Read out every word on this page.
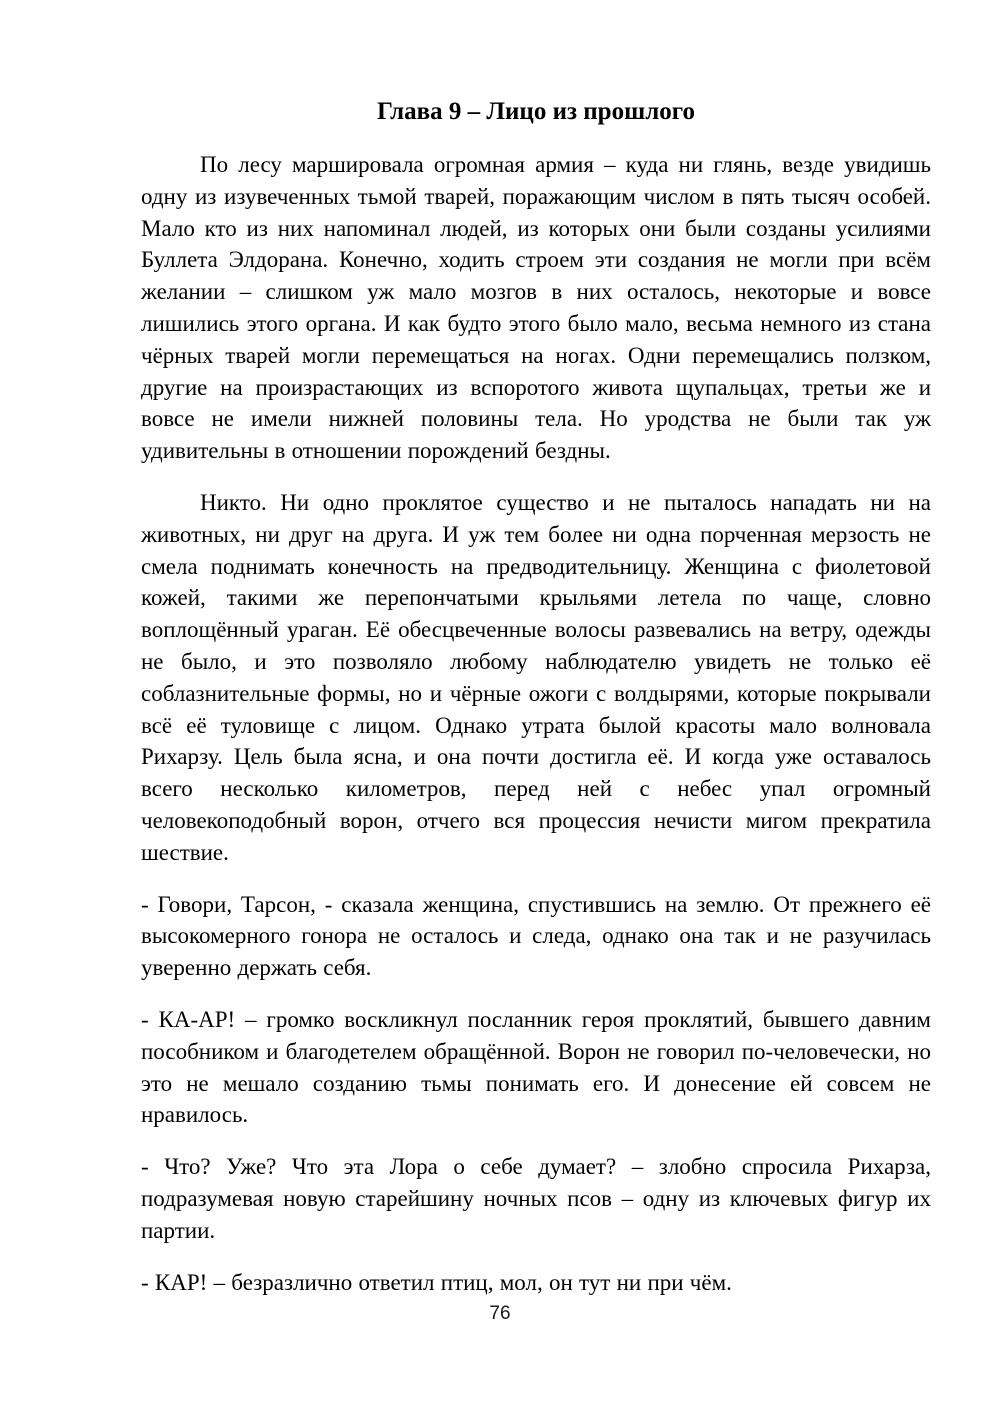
Глава 9 – Лицо из прошлого

По лесу маршировала огромная армия – куда ни глянь, везде увидишь одну из изувеченных тьмой тварей, поражающим числом в пять тысяч особей. Мало кто из них напоминал людей, из которых они были созданы усилиями Буллета Элдорана. Конечно, ходить строем эти создания не могли при всём желании – слишком уж мало мозгов в них осталось, некоторые и вовсе лишились этого органа. И как будто этого было мало, весьма немного из стана чёрных тварей могли перемещаться на ногах. Одни перемещались ползком, другие на произрастающих из вспоротого живота щупальцах, третьи же и вовсе не имели нижней половины тела. Но уродства не были так уж удивительны в отношении порождений бездны.

Никто. Ни одно проклятое существо и не пыталось нападать ни на животных, ни друг на друга. И уж тем более ни одна порченная мерзость не смела поднимать конечность на предводительницу. Женщина с фиолетовой кожей, такими же перепончатыми крыльями летела по чаще, словно воплощённый ураган. Её обесцвеченные волосы развевались на ветру, одежды не было, и это позволяло любому наблюдателю увидеть не только её соблазнительные формы, но и чёрные ожоги с волдырями, которые покрывали всё её туловище с лицом. Однако утрата былой красоты мало волновала Рихарзу. Цель была ясна, и она почти достигла её. И когда уже оставалось всего несколько километров, перед ней с небес упал огромный человекоподобный ворон, отчего вся процессия нечисти мигом прекратила шествие.

- Говори, Тарсон, - сказала женщина, спустившись на землю. От прежнего её высокомерного гонора не осталось и следа, однако она так и не разучилась уверенно держать себя.

- КА-АР! – громко воскликнул посланник героя проклятий, бывшего давним пособником и благодетелем обращённой. Ворон не говорил по-человечески, но это не мешало созданию тьмы понимать его. И донесение ей совсем не нравилось.

- Что? Уже? Что эта Лора о себе думает? – злобно спросила Рихарза, подразумевая новую старейшину ночных псов – одну из ключевых фигур их партии.

- КАР! – безразлично ответил птиц, мол, он тут ни при чём.

76
